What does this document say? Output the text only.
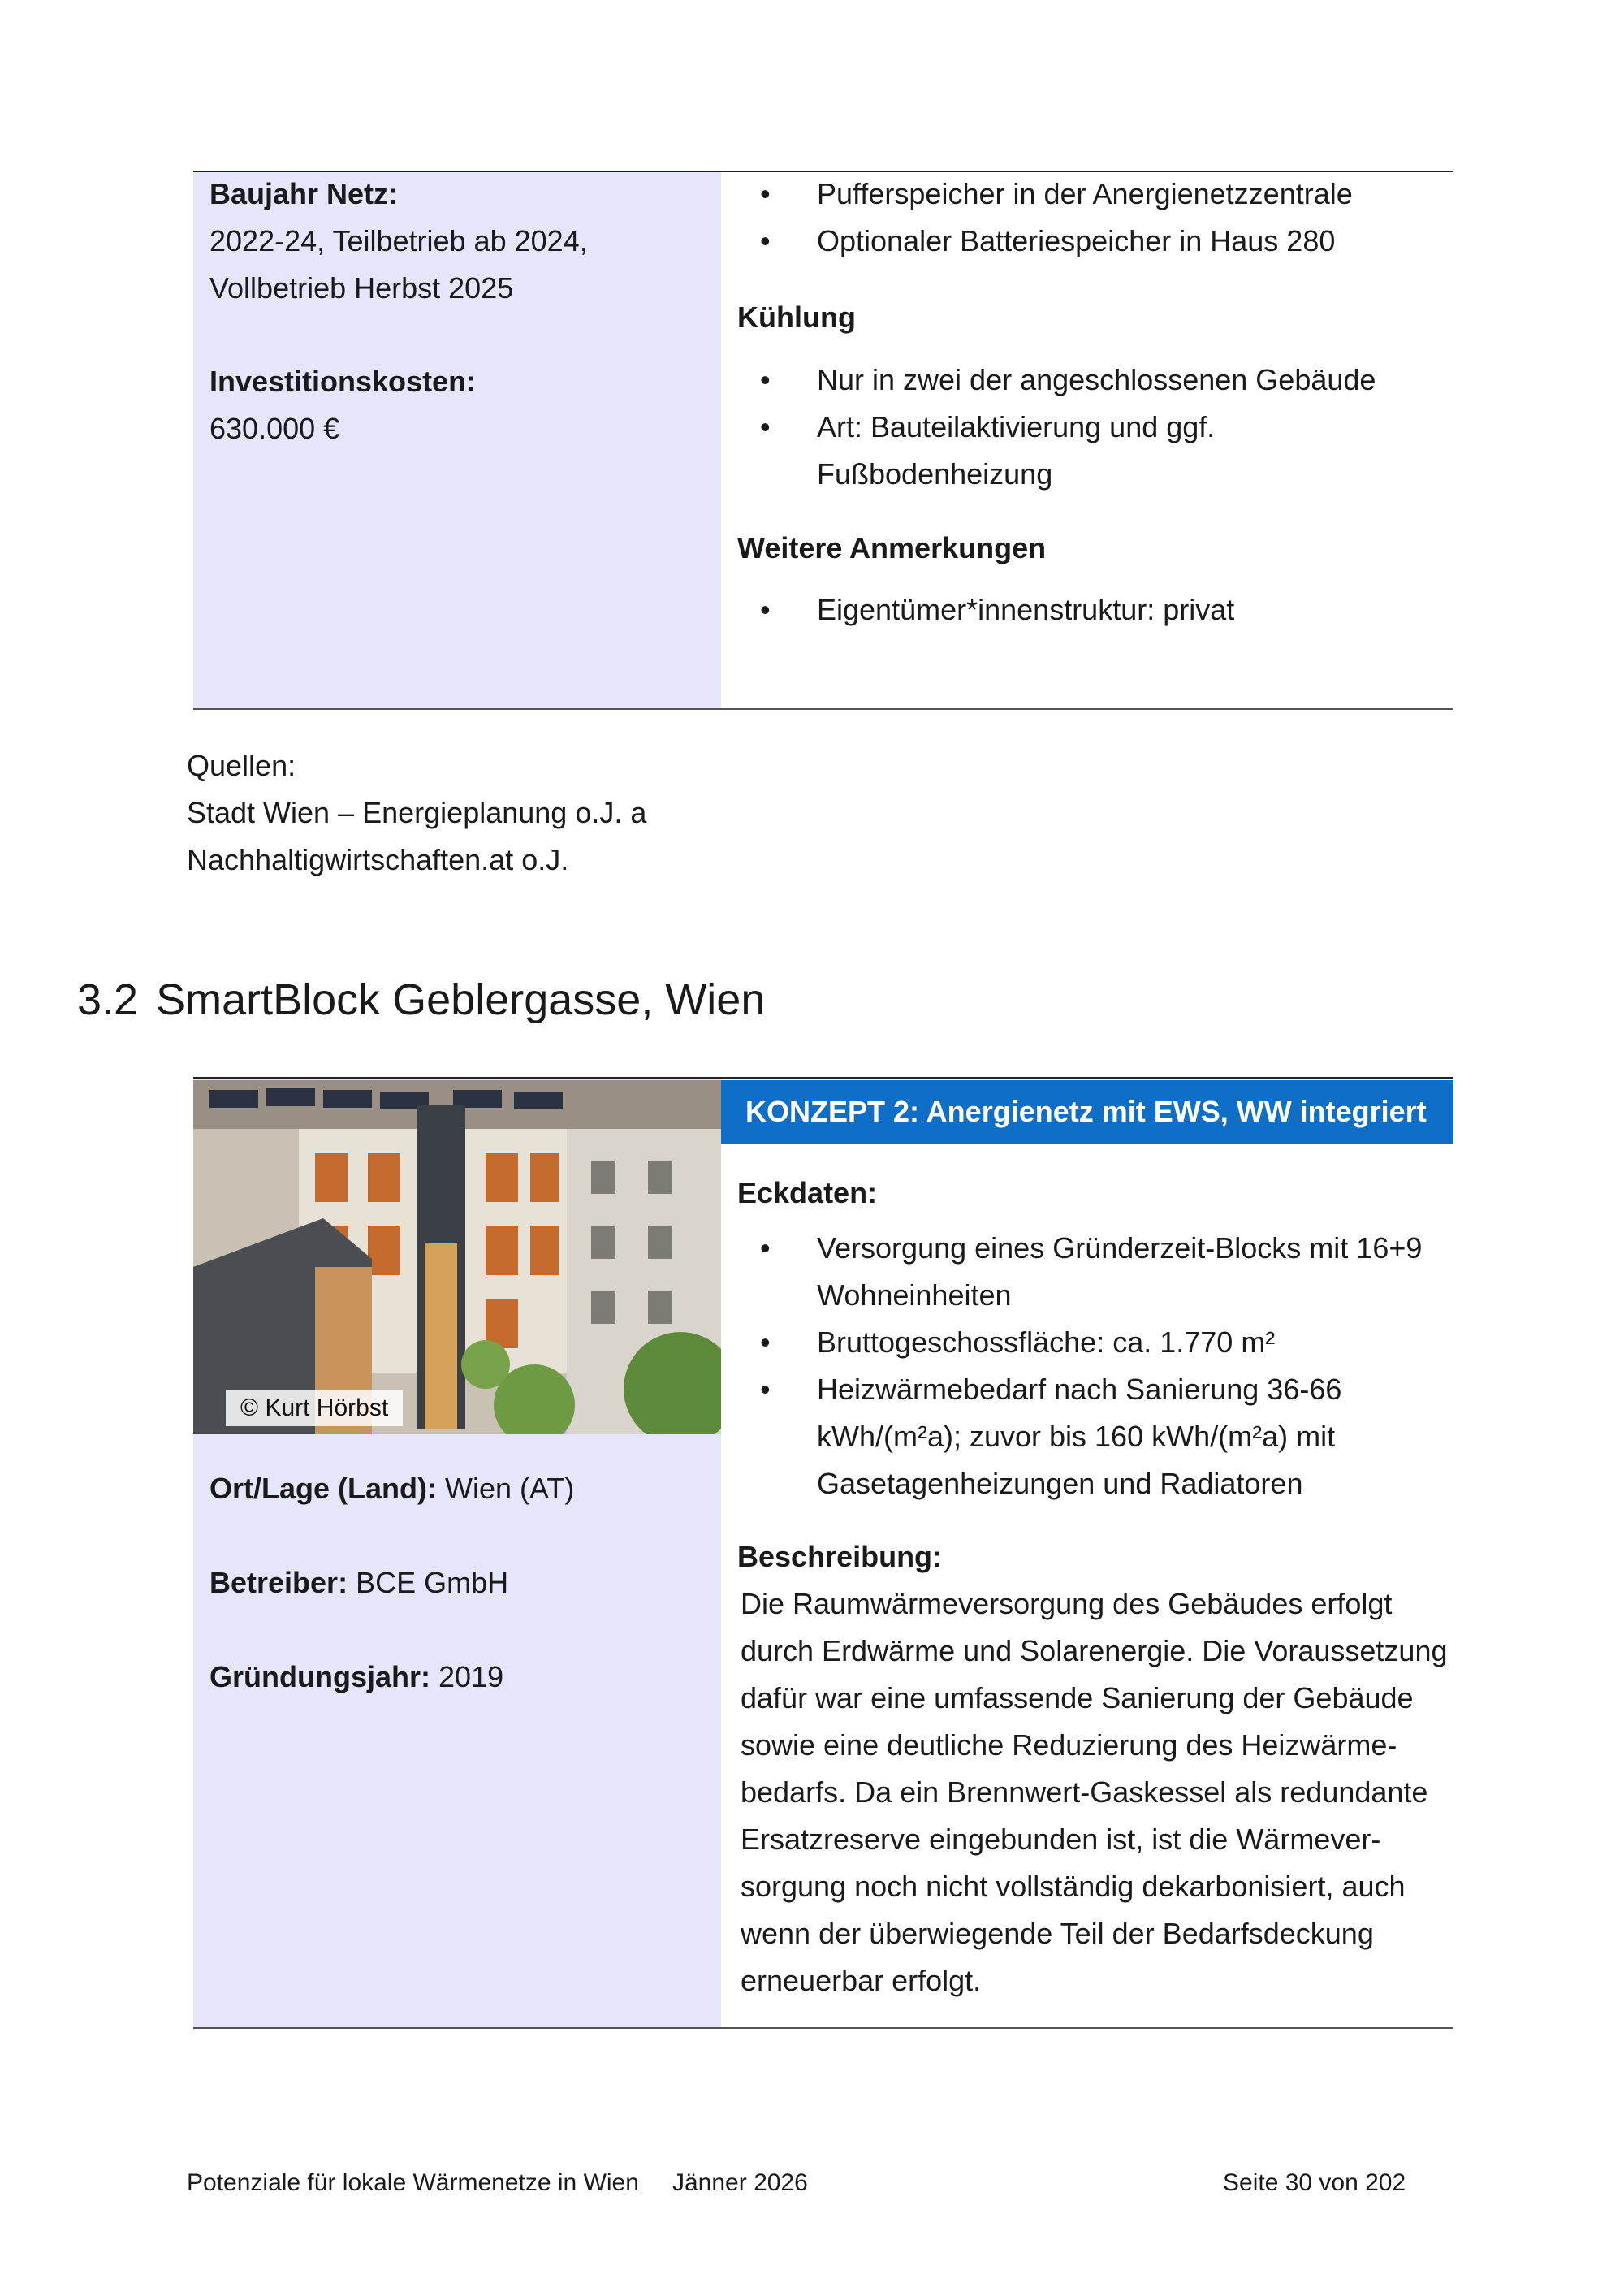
Baujahr Netz:
2022-24, Teilbetrieb ab 2024,
Vollbetrieb Herbst 2025
Investitionskosten:
630.000 €
• Pufferspeicher in der Anergienetzzentrale
• Optionaler Batteriespeicher in Haus 280
Kühlung
• Nur in zwei der angeschlossenen Gebäude
• Art: Bauteilaktivierung und ggf.
Fußbodenheizung
Weitere Anmerkungen
• Eigentümer*innenstruktur: privat
Quellen:
Stadt Wien – Energieplanung o.J. a
Nachhaltigwirtschaften.at o.J.
3.2 SmartBlock Geblergasse, Wien
© Kurt Hörbst
KONZEPT 2: Anergienetz mit EWS, WW integriert
Ort/Lage (Land): Wien (AT)
Betreiber: BCE GmbH
Gründungsjahr: 2019
Eckdaten:
• Versorgung eines Gründerzeit-Blocks mit 16+9
Wohneinheiten
• Bruttogeschossfläche: ca. 1.770 m²
• Heizwärmebedarf nach Sanierung 36-66
kWh/(m²a); zuvor bis 160 kWh/(m²a) mit
Gasetagenheizungen und Radiatoren
Beschreibung:
Die Raumwärmeversorgung des Gebäudes erfolgt
durch Erdwärme und Solarenergie. Die Voraussetzung
dafür war eine umfassende Sanierung der Gebäude
sowie eine deutliche Reduzierung des Heizwärme-
bedarfs. Da ein Brennwert-Gaskessel als redundante
Ersatzreserve eingebunden ist, ist die Wärmever-
sorgung noch nicht vollständig dekarbonisiert, auch
wenn der überwiegende Teil der Bedarfsdeckung
erneuerbar erfolgt.
Potenziale für lokale Wärmenetze in Wien Jänner 2026	Seite 30 von 202
